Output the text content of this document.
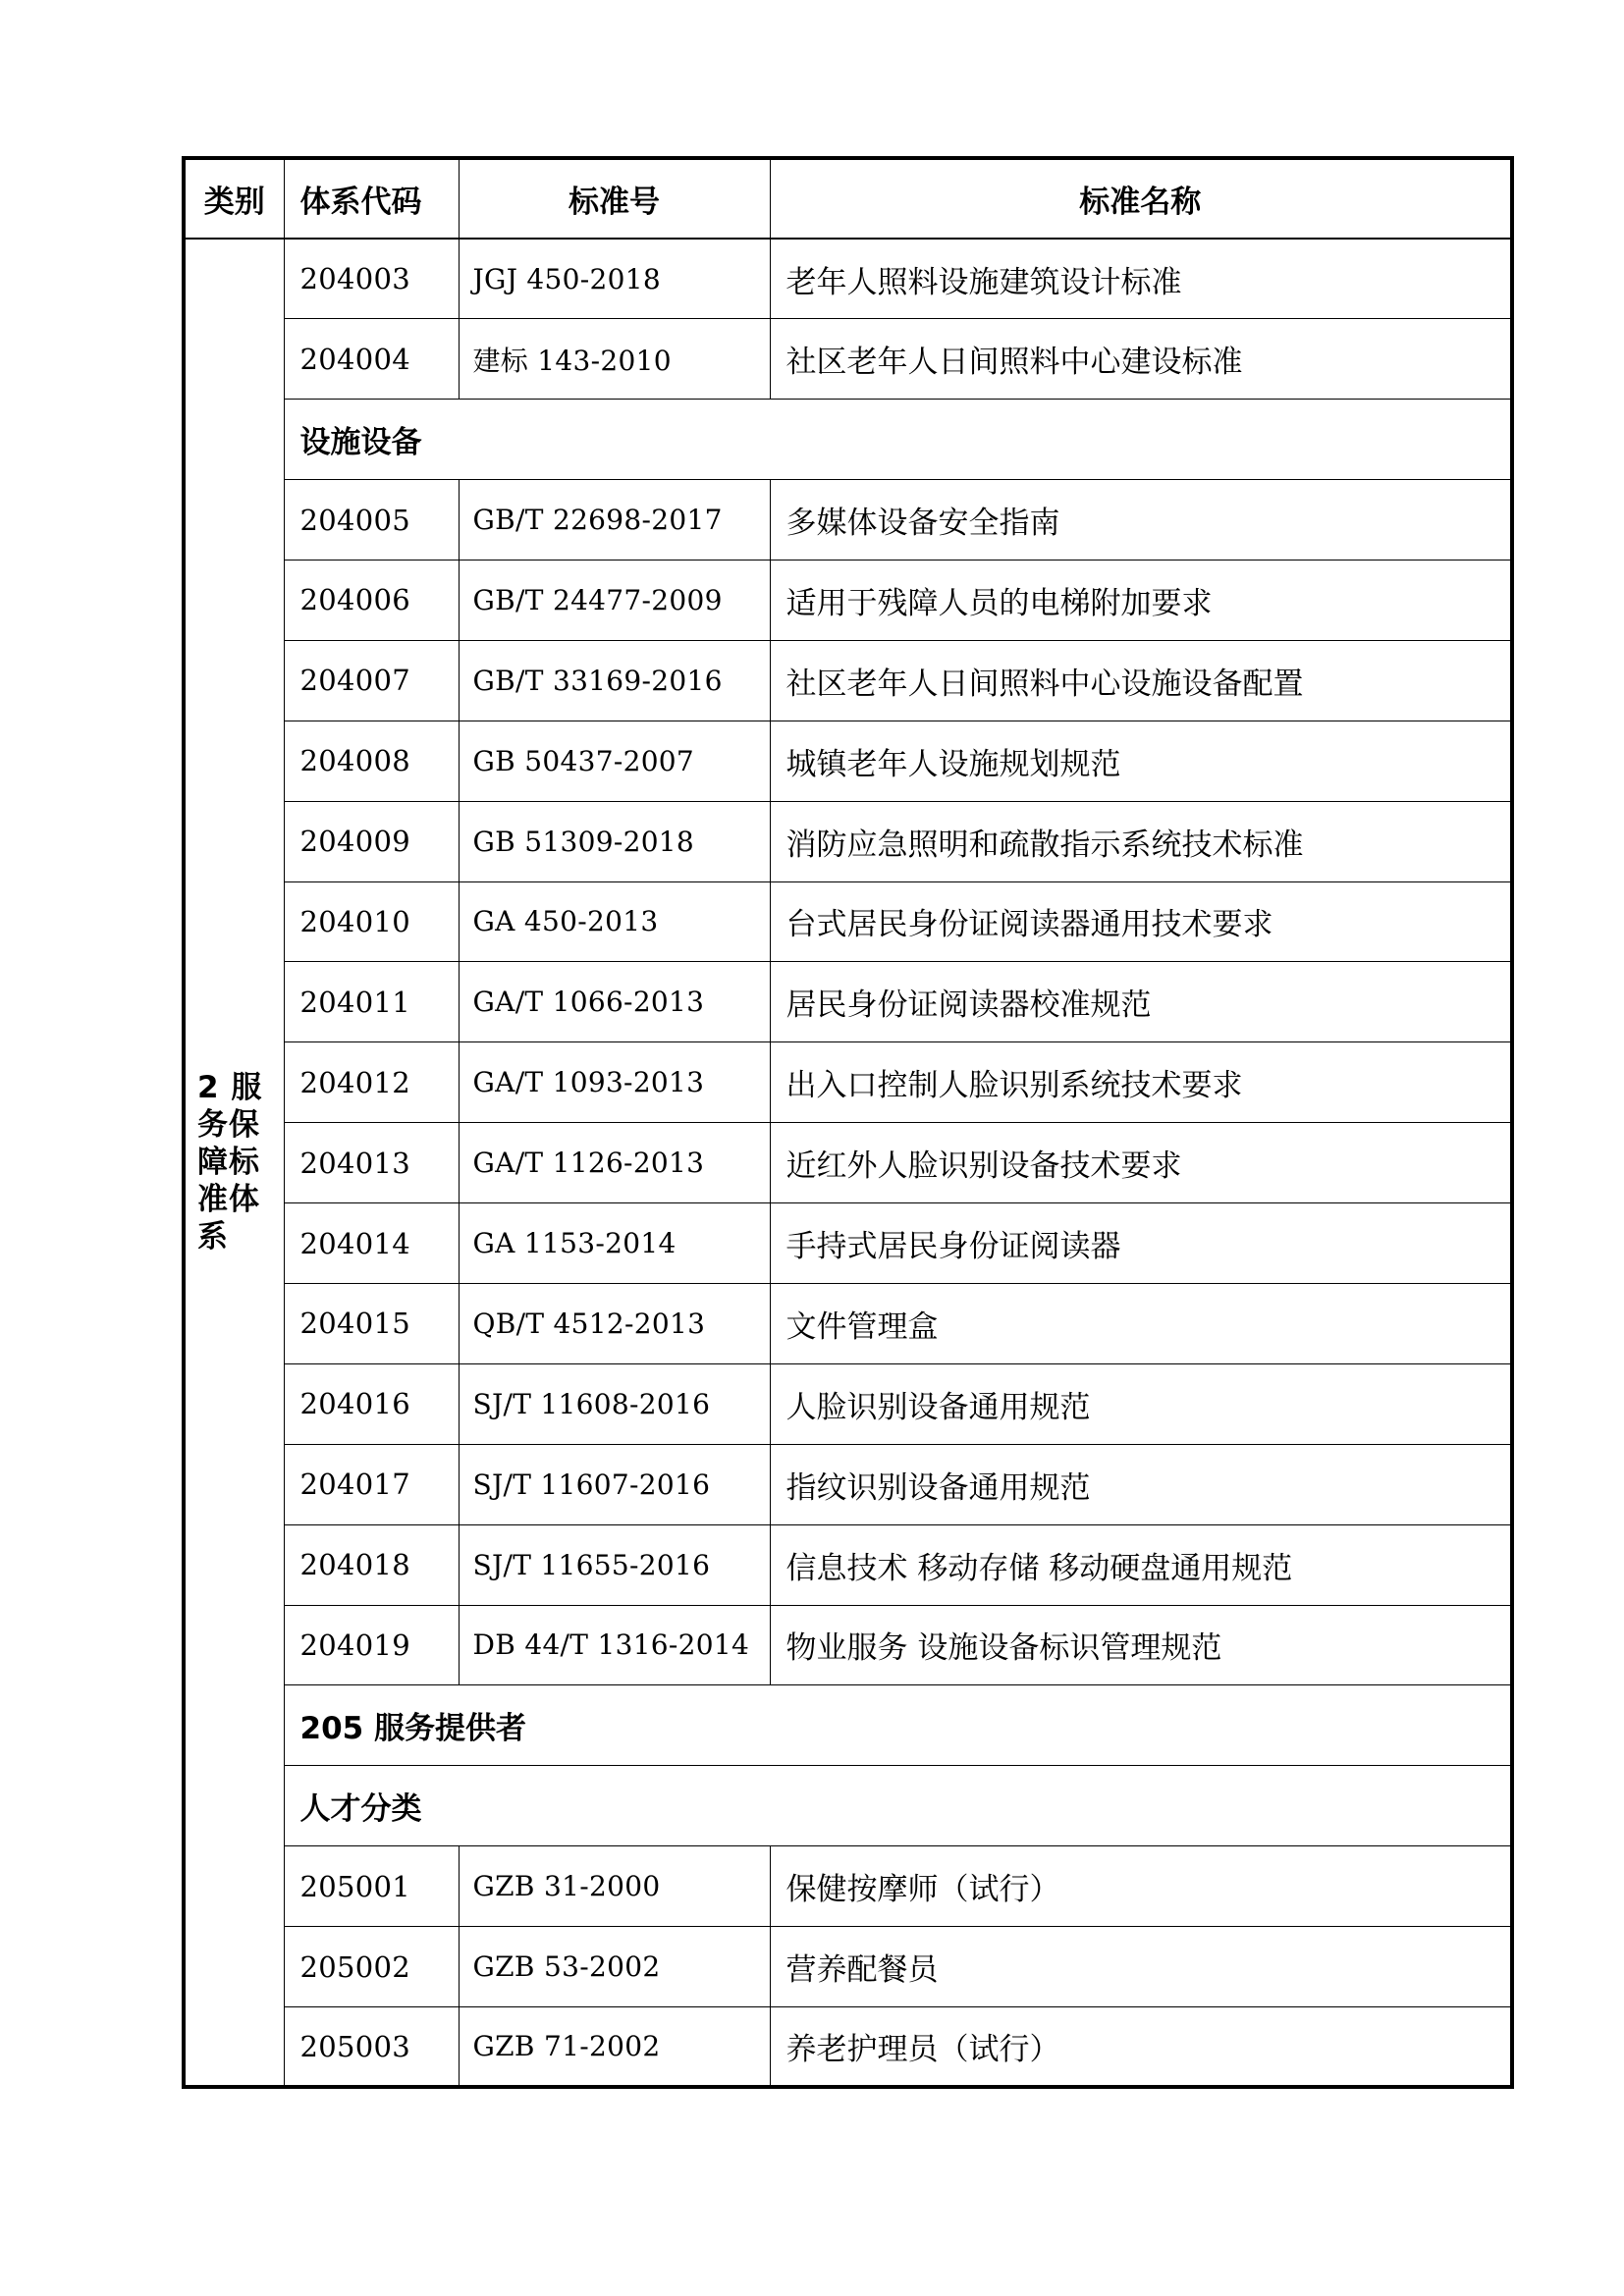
类别	体系代码	标准号	标准名称

2 服务保障标准体系	204003	JGJ 450-2018	老年人照料设施建筑设计标准
	204004	建标 143-2010	社区老年人日间照料中心建设标准
	设施设备		
	204005	GB/T 22698-2017	多媒体设备安全指南
	204006	GB/T 24477-2009	适用于残障人员的电梯附加要求
	204007	GB/T 33169-2016	社区老年人日间照料中心设施设备配置
	204008	GB 50437-2007	城镇老年人设施规划规范
	204009	GB 51309-2018	消防应急照明和疏散指示系统技术标准
	204010	GA 450-2013	台式居民身份证阅读器通用技术要求
	204011	GA/T 1066-2013	居民身份证阅读器校准规范
	204012	GA/T 1093-2013	出入口控制人脸识别系统技术要求
	204013	GA/T 1126-2013	近红外人脸识别设备技术要求
	204014	GA 1153-2014	手持式居民身份证阅读器
	204015	QB/T 4512-2013	文件管理盒
	204016	SJ/T 11608-2016	人脸识别设备通用规范
	204017	SJ/T 11607-2016	指纹识别设备通用规范
	204018	SJ/T 11655-2016	信息技术 移动存储 移动硬盘通用规范
	204019	DB 44/T 1316-2014	物业服务 设施设备标识管理规范
	205 服务提供者		
	人才分类		
	205001	GZB 31-2000	保健按摩师（试行）
	205002	GZB 53-2002	营养配餐员
	205003	GZB 71-2002	养老护理员（试行）
